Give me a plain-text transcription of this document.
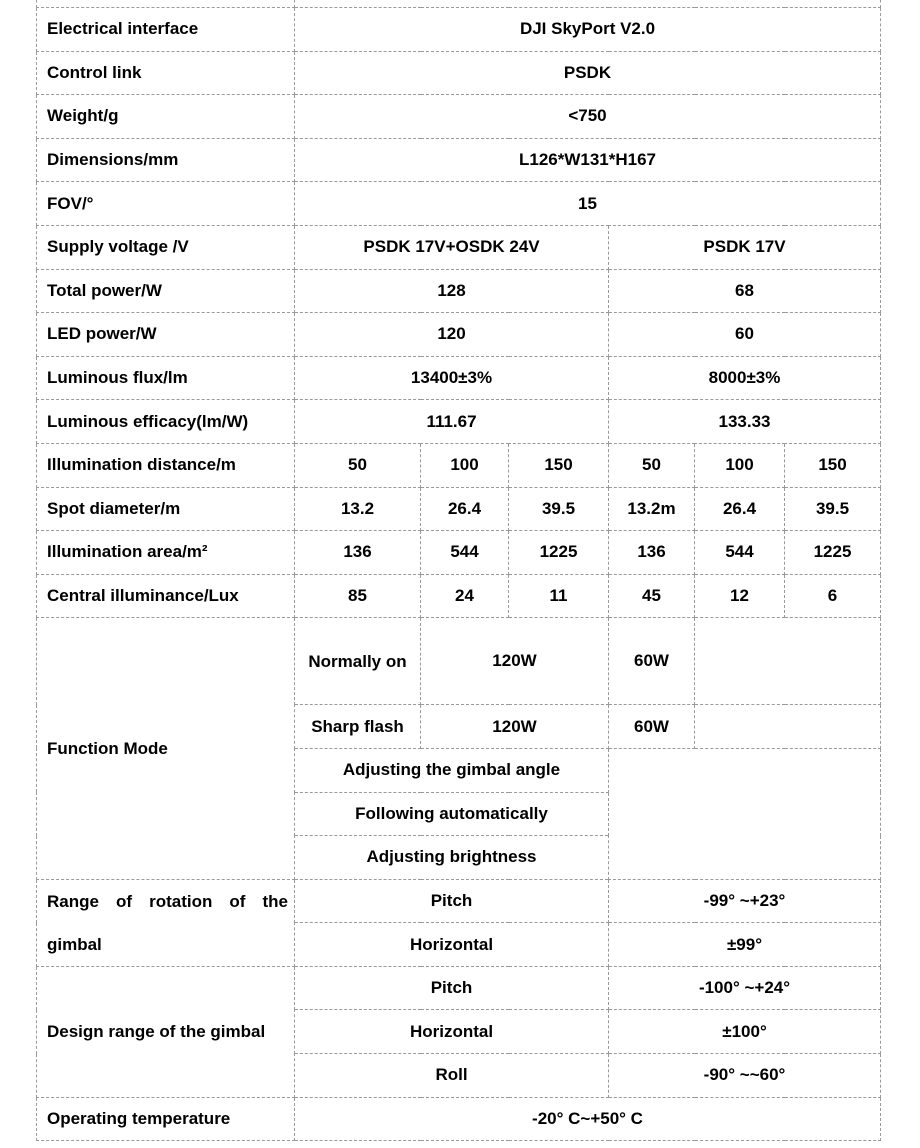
Electrical interface	DJI SkyPort V2.0					
Control link	PSDK					
Weight/g	<750					
Dimensions/mm	L126*W131*H167					
FOV/°	15					
Supply voltage /V	PSDK 17V+OSDK 24V			PSDK 17V		
Total power/W	128			68		
LED power/W	120			60		
Luminous flux/lm	13400±3%			8000±3%		
Luminous efficacy(lm/W)	111.67			133.33		
Illumination distance/m	50	100	150	50	100	150
Spot diameter/m	13.2	26.4	39.5	13.2m	26.4	39.5
Illumination area/m²	136	544	1225	136	544	1225
Central illuminance/Lux	85	24	11	45	12	6
Function Mode	Normally on	120W		60W		
	Sharp flash	120W		60W		
	Adjusting the gimbal angle					
	Following automatically					
	Adjusting brightness					
Range of rotation of the gimbal	Pitch			-99° ~+23°		
	Horizontal			±99°		
Design range of the gimbal	Pitch			-100° ~+24°		
	Horizontal			±100°		
	Roll			-90° ~~60°		
Operating temperature	-20° C~+50° C					
